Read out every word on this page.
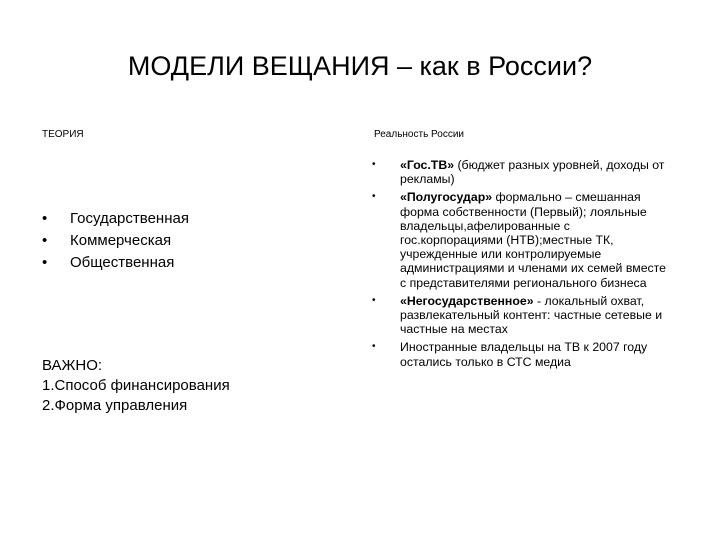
МОДЕЛИ ВЕЩАНИЯ – как в России?
ТЕОРИЯ	Реальность России
• Государственная
• Коммерческая
• Общественная
ВАЖНО:
1.Способ финансирования
2.Форма управления
• «Гос.ТВ» (бюджет разных уровней, доходы от рекламы)
• «Полугосудар» формально – смешанная форма собственности (Первый); лояльные владельцы,афелированные с гос.корпорациями (НТВ);местные ТК, учрежденные или контролируемые администрациями и членами их семей вместе с представителями регионального бизнеса
• «Негосударственное» - локальный охват, развлекательный контент: частные сетевые и частные на местах
• Иностранные владельцы на ТВ к 2007 году остались только в СТС медиа
